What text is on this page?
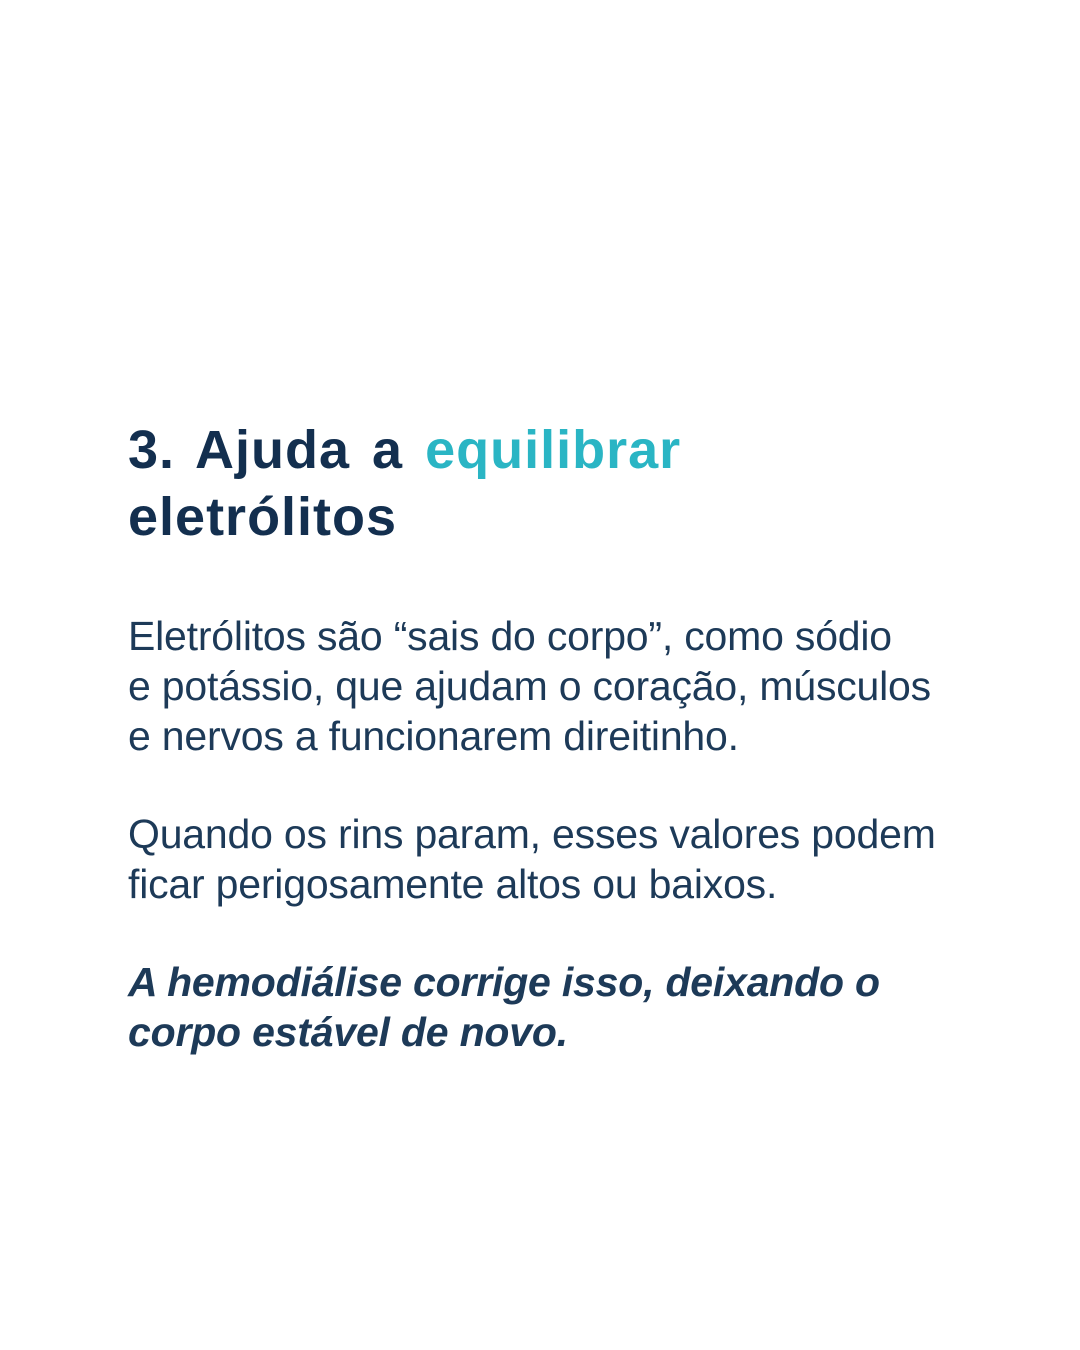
3. Ajuda a equilibrar
eletrólitos

Eletrólitos são “sais do corpo”, como sódio
e potássio, que ajudam o coração, músculos
e nervos a funcionarem direitinho.

Quando os rins param, esses valores podem
ficar perigosamente altos ou baixos.

A hemodiálise corrige isso, deixando o
corpo estável de novo.
